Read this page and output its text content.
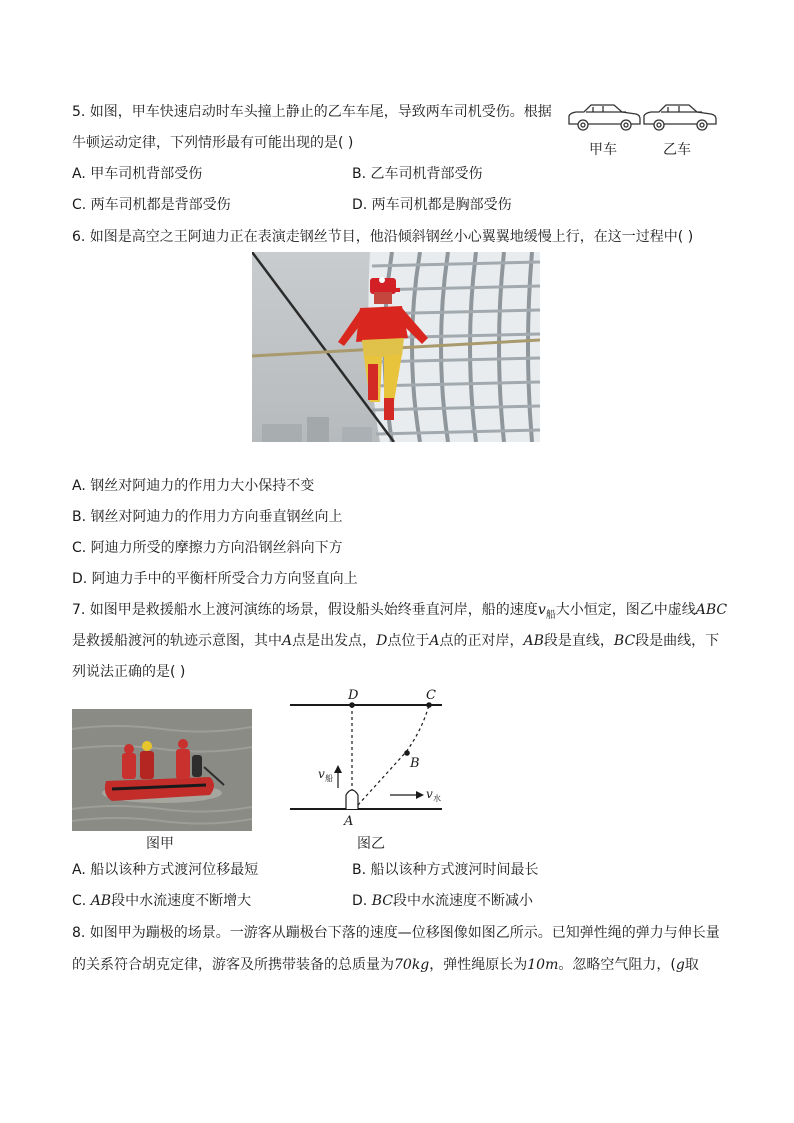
5. 如图，甲车快速启动时车头撞上静止的乙车车尾，导致两车司机受伤。根据
牛顿运动定律，下列情形最有可能出现的是( )	甲车	乙车
A. 甲车司机背部受伤	B. 乙车司机背部受伤
C. 两车司机都是背部受伤	D. 两车司机都是胸部受伤
6. 如图是高空之王阿迪力正在表演走钢丝节目，他沿倾斜钢丝小心翼翼地缓慢上行，在这一过程中( )
A. 钢丝对阿迪力的作用力大小保持不变
B. 钢丝对阿迪力的作用力方向垂直钢丝向上
C. 阿迪力所受的摩擦力方向沿钢丝斜向下方
D. 阿迪力手中的平衡杆所受合力方向竖直向上
7. 如图甲是救援船水上渡河演练的场景，假设船头始终垂直河岸，船的速度$v_船$大小恒定，图乙中虚线ABC
是救援船渡河的轨迹示意图，其中A点是出发点，D点位于A点的正对岸，AB段是直线，BC段是曲线，下
列说法正确的是( )
图甲
D	C
B
A
v 船
v 水
图乙
A. 船以该种方式渡河位移最短	B. 船以该种方式渡河时间最长
C. AB段中水流速度不断增大	D. BC段中水流速度不断减小
8. 如图甲为蹦极的场景。一游客从蹦极台下落的速度—位移图像如图乙所示。已知弹性绳的弹力与伸长量
的关系符合胡克定律，游客及所携带装备的总质量为70kg，弹性绳原长为10m。忽略空气阻力，(g取
